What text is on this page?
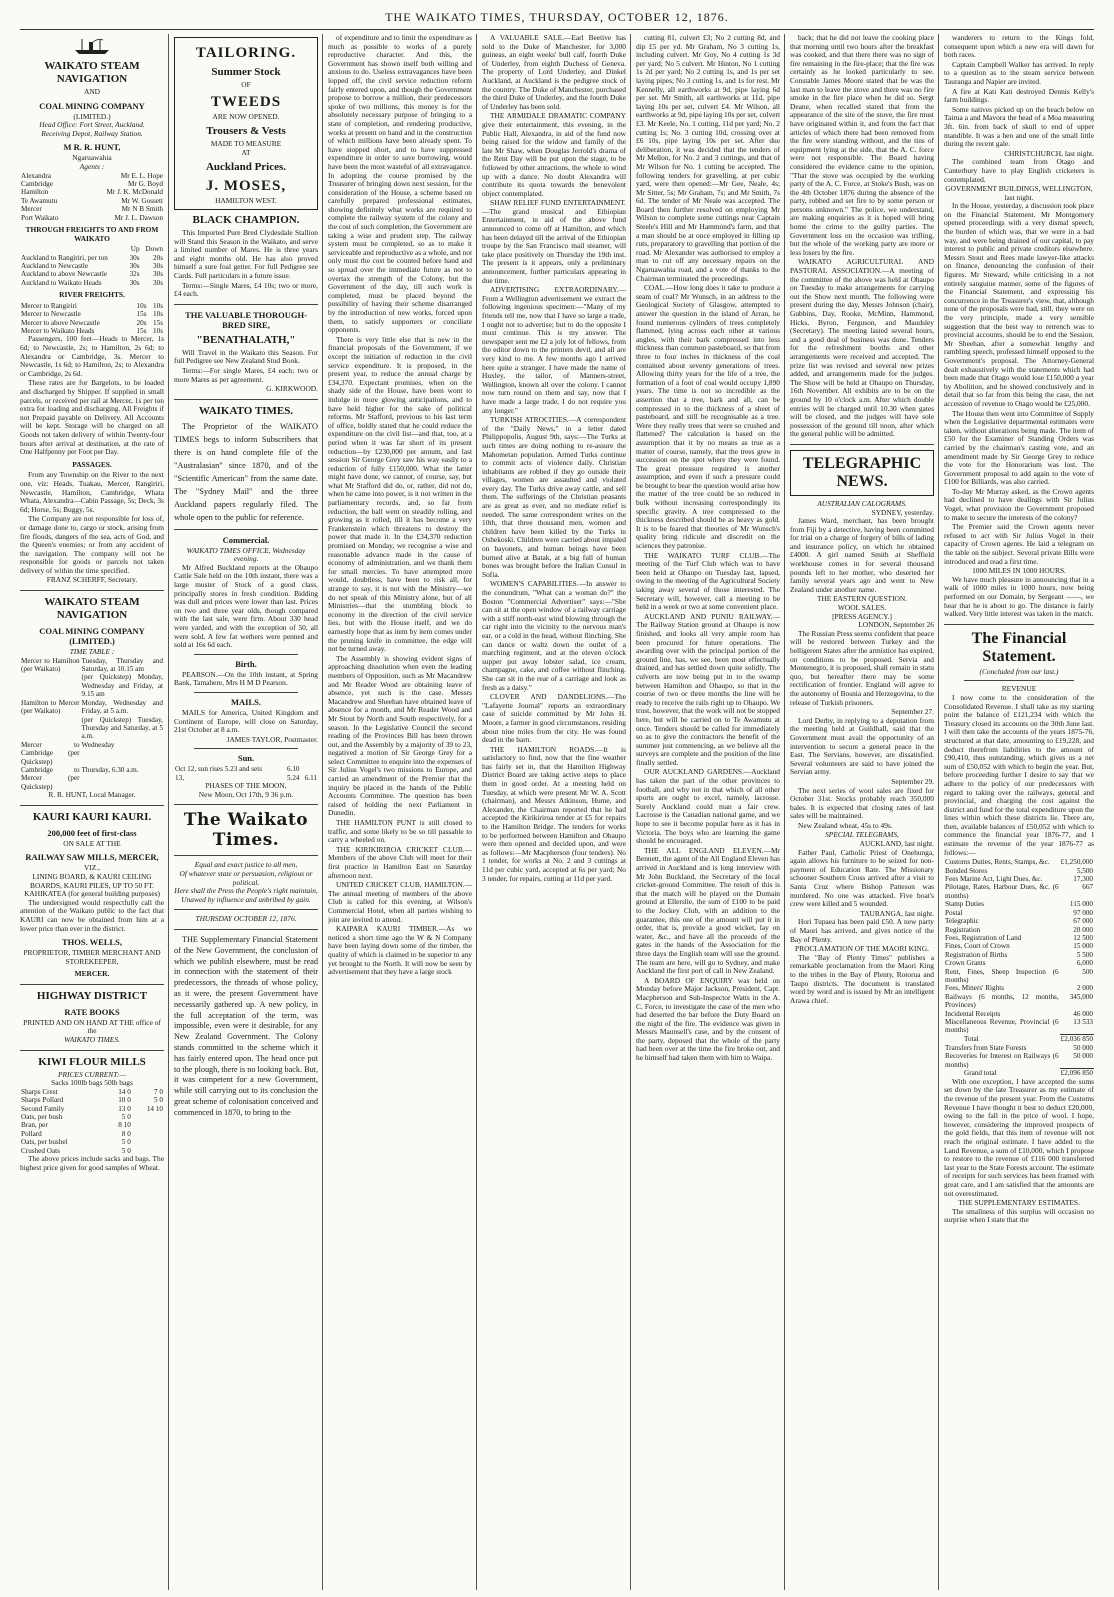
THE WAIKATO TIMES, THURSDAY, OCTOBER 12, 1876.
WAIKATO STEAM NAVIGATION
AND
COAL MINING COMPANY
(LIMITED.)
Head Office: Fort Street, Auckland.
Receiving Depot, Railway Station.
M R. R. HUNT,
Ngaruawahia
Agents :
Alexandra	Mr E. L. Hope
Cambridge	Mr G. Boyd
Hamilton	Mr J. K. McDonald
Te Awamutu	Mr W. Gossett
Mercer	Mr N B Smith
Port Waikato	Mr J. L. Dawson
THROUGH FREIGHTS TO AND FROM WAIKATO
	Up	Down
Auckland to Rangiriri, per ton	30s	20s
Auckland to Newcastle	30s	30s
Auckland to above Newcastle	32s	30s
Auckland to Waikato Heads	30s	30s
RIVER FREIGHTS.
Mercer to Rangiriri	10s	10s
Mercer to Newcastle	15s	10s
Mercer to above Newcastle	20s	15s
Mercer to Waikato Heads	15s	10s

Passengers, 100 feet—Heads to Mercer, 1s 6d; to Newcastle, 2s; to Hamilton, 2s 6d; to Alexandra or Cambridge, 3s. Mercer to Newcastle, 1s 6d; to Hamilton, 2s; to Alexandra or Cambridge, 2s 6d.

These rates are for Bargelots, to be loaded and discharged by Shipper. If supplied in small parcels, or received per rail at Mercer, 1s per ton extra for loading and discharging. All Freights if not Prepaid payable on Delivery. All Accounts will be kept. Storage will be charged on all Goods not taken delivery of within Twenty-four hours after arrival at destination, at the rate of One Halfpenny per Foot per Day.

PASSAGES.

From any Township on the River to the next one, viz: Heads, Tuakau, Mercer, Rangiriri, Newcastle, Hamilton, Cambridge, Whata Whata, Alexandra—Cabin Passage, 5s; Deck, 3s 6d; Horse, 5s; Buggy, 5s.

The Company are not responsible for loss of, or damage done to, cargo or stock, arising from fire floods, dangers of the sea, acts of God, and the Queen's enemies; or from any accident of the navigation. The company will not be responsible for goods or parcels not taken delivery of within the time specified.

FRANZ SCHERFF, Secretary.
WAIKATO STEAM NAVIGATION
COAL MINING COMPANY (LIMITED.)
TIME TABLE :
Mercer to Hamilton (per Waikato)	Tuesday, Thursday and Saturday, at 10.15 am
	(per Quickstep) Monday, Wednesday and Friday, at 9.15 am
Hamilton to Mercer (per Waikato)	Monday, Wednesday and Friday, at 5 a.m.
	(per Quickstep) Tuesday, Thursday and Saturday, at 5 a.m.
Mercer to Cambridge (per Quickstep)	Wednesday
Cambridge to Mercer (per Quickstep)	Thursday, 6.30 a.m.
R. R. HUNT, Local Manager.
KAURI KAURI KAURI.
200,000 feet of first-class
ON SALE AT THE
RAILWAY SAW MILLS, MERCER,
VIZ.,
LINING BOARD, & KAURI CEILING BOARDS, KAURI PILES, UP TO 50 FT. KAHIKATEA (for general building purposes)

The undersigned would respectfully call the attention of the Waikato public to the fact that KAURI can now be obtained from him at a lower price than ever in the district.

THOS. WELLS,
PROPRIETOR, TIMBER MERCHANT AND STOREKEEPER,
MERCER.
HIGHWAY DISTRICT
RATE BOOKS
PRINTED AND ON HAND AT THE office of the
WAIKATO TIMES.
KIWI FLOUR MILLS
PRICES CURRENT:—
Sacks 100lb bags 50lb bags
Sharps Crest	14 0	7 0
Sharps Pollard	10 0	5 0
Second Family	13 0	14 10
Oats, per bush	5 0	
Bran, per	8 10	
Pollard	8 0	
Oats, per bushel	5 0	
Crushed Oats	5 0	

The above prices include sacks and bags. The highest price given for good samples of Wheat.

TAILORING.
Summer Stock
OF
TWEEDS
ARE NOW OPENED.
Trousers & Vests
MADE TO MEASURE
AT
Auckland Prices.
J. MOSES,
HAMILTON WEST.
BLACK CHAMPION.

This Imported Pure Bred Clydesdale Stallion will Stand this Season in the Waikato, and serve a limited number of Mares. He is three years and eight months old. He has also proved himself a sure foal getter. For full Pedigree see Cards. Full particulars in a future issue.

Terms:—Single Mares, £4 10s; two or more, £4 each.

THE VALUABLE THOROUGH-BRED SIRE,
"BENATHALATH,"

Will Travel in the Waikato this Season. For full Pedigree see New Zealand Stud Book.

Terms:—For single Mares, £4 each; two or more Mares as per agreement.

G. KIRKWOOD.
WAIKATO TIMES.

The Proprietor of the WAIKATO TIMES begs to inform Subscribers that there is on hand complete file of the "Australasian" since 1870, and of the "Scientific American" from the same date. The "Sydney Mail" and the three Auckland papers regularly filed. The whole open to the public for reference.

Commercial.
WAIKATO TIMES OFFICE, Wednesday evening.

Mr Alfred Buckland reports at the Ohaupo Cattle Sale held on the 10th instant, there was a large muster of Stock of a good class, principally stores in fresh condition. Bidding was dull and prices were lower than last. Prices on two and three year olds, though compared with the last sale, were firm. About 330 head were yarded, and with the exception of 50, all were sold. A few fat wethers were penned and sold at 16s 6d each.

Birth.

PEARSON.—On the 10th instant, at Spring Bank, Tamahere, Mrs H M D Pearson.

MAILS.

MAILS for America, United Kingdom and Continent of Europe, will close on Saturday, 21st October at 8 a.m.

JAMES TAYLOR, Postmaster.
Sun.
Oct 12, sun rises 5.23 and sets	6.10	
13,	5.24	6.11
PHASES OF THE MOON,
New Moon, Oct 17th, 9 36 p.m.
The Waikato Times.
Equal and exact justice to all men,
Of whatever state or persuasion, religious or political.
Here shall the Press the People's right maintain,
Unawed by influence and unbribed by gain.
THURSDAY OCTOBER 12, 1876.

THE Supplementary Financial Statement of the New Government, the conclusion of which we publish elsewhere, must be read in connection with the statement of their predecessors, the threads of whose policy, as it were, the present Government have necessarily gathered up. A new policy, in the full acceptation of the term, was impossible, even were it desirable, for any New Zealand Government. The Colony stands committed to the scheme which it has fairly entered upon. The head once put to the plough, there is no looking back. But, it was competent for a new Government, while still carrying out to its conclusion the great scheme of colonisation conceived and commenced in 1870, to bring to the

of expenditure and to limit the expenditure as much as possible to works of a purely reproductive character. And this, the Government has shown itself both willing and anxious to do. Useless extravagances have been lopped off, the civil service reduction reform fairly entered upon, and though the Government propose to borrow a million, their predecessors spoke of two millions, this money is for the absolutely necessary purpose of bringing to a state of completion, and rendering productive, works at present on hand and in the construction of which millions have been already spent. To have stopped short, and to have suppressed expenditure in order to save borrowing, would have been the most wasteful of all extravagance. In adopting the course promised by the Treasurer of bringing down next session, for the consideration of the House, a scheme based on carefully prepared professional estimates, showing definitely what works are required to complete the railway system of the colony and the cost of such completion, the Government are taking a wise and prudent step. The railway system must be completed, so as to make it serviceable and reproductive as a whole, and not only must the cost be counted before hand and so spread over the immediate future as not to overtax the strength of the Colony, but the Government of the day, till such work is completed, must be placed beyond the possibility of having their scheme disarranged by the introduction of new works, forced upon them, to satisfy supporters or conciliate opponents.

There is very little else that is new in the financial proposals of the Government, if we except the initiation of reduction in the civil service expenditure. It is proposed, in the present year, to reduce the annual charge by £34,370. Expectant promises, when on the shady side of the House, have been wont to indulge in more glowing anticipations, and to have held higher for the sake of political reforms. Mr Stafford, previous to his last term of office, boldly stated that he could reduce the expenditure on the civil list—and that, too, at a period when it was far short of its present reduction—by £230,000 per annum, and last session Sir George Grey saw his way easily to a reduction of fully £150,000. What the latter might have done, we cannot, of course, say, but what Mr Stafford did do, or, rather, did not do, when he came into power, is it not written in the parliamentary records, and, so far from reduction, the ball went on steadily rolling, and growing as it rolled, till it has become a very Frankenstein which threatens to destroy the power that made it. In the £34,370 reduction promised on Monday, we recognise a wise and reasonable advance made in the cause of economy of administration, and we thank them for small mercies. To have attempted more would, doubtless, have been to risk all, for strange to say, it is not with the Ministry—we do not speak of this Ministry alone, but of all Ministries—that the stumbling block to economy in the direction of the civil service lies, but with the House itself, and we do earnestly hope that as item by item comes under the pruning knife in committee, the edge will not be turned away.

The Assembly is showing evident signs of approaching dissolution when even the leading members of Opposition, such as Mr Macandrew and Mr Reader Wood are obtaining leave of absence, yet such is the case. Messrs Macandrew and Sheehan have obtained leave of absence for a month, and Mr Reader Wood and Mr Stout by North and South respectively, for a season. In the Legislative Council the second reading of the Provinces Bill has been thrown out, and the Assembly by a majority of 39 to 23, negatived a motion of Sir George Grey for a select Committee to enquire into the expenses of Sir Julius Vogel's two missions to Europe, and carried an amendment of the Premier that the inquiry be placed in the hands of the Public Accounts Committee. The question has been raised of holding the next Parliament in Dunedin.

THE HAMILTON PUNT is still closed to traffic, and some likely to be so till passable to carry a wheeled on.

THE KIRIKIRIROA CRICKET CLUB.—Members of the above Club will meet for their first practice in Hamilton East on Saturday afternoon next.

UNITED CRICKET CLUB, HAMILTON.—The annual meeting of members of the above Club is called for this evening, at Wilson's Commercial Hotel, when all parties wishing to join are invited to attend.

KAIPARA KAURI TIMBER.—As we noticed a short time ago the W & N Company have been laying down some of the timber, the quality of which is claimed to be superior to any yet brought to the North. It will now be seen by advertisement that they have a large stock

A VALUABLE SALE.—Earl Beetive has sold to the Duke of Manchester, for 3,000 guineas, an eight weeks' bull calf, fourth Duke of Underley, from eighth Duchess of Geneva. The property of Lord Underley, and Dinkel Auckland, at Auckland is the pedigree stock of the country. The Duke of Manchester, purchased the third Duke of Underley, and the fourth Duke of Underley has been sold.

THE ARMIDALE DRAMATIC COMPANY give their entertainment, this evening, in the Public Hall, Alexandra, in aid of the fund now being raised for the widow and family of the late Mr Shaw, when Douglas Jerrold's drama of the Rent Day will be put upon the stage, to be followed by other attractions, the whole to wind up with a dance. No doubt Alexandra will contribute its quota towards the benevolent object contemplated.

SHAW RELIEF FUND ENTERTAINMENT.—The grand musical and Ethiopian Entertainment, in aid of the above fund announced to come off at Hamilton, and which has been delayed till the arrival of the Ethiopian troupe by the San Francisco mail steamer, will take place positively on Thursday the 19th inst. The present is it appears, only a preliminary announcement, further particulars appearing in due time.

ADVERTISING EXTRAORDINARY.—From a Wellington advertisement we extract the following ingenious specimen:—"Many of my friends tell me, now that I have so large a trade, I ought not to advertise; but to do the opposite I must continue. This is my answer. The newspaper sent me £2 a joly lot of fellows, from the editor down to the printers devil, and all are very kind to me. A few months ago I arrived here quite a stranger. I have made the name of Huxley, the tailor, of Manners-street, Wellington, known all over the colony. I cannot now turn round on them and say, now that I have made a large trade, I do not require you any longer."

TURKISH ATROCITIES.—A correspondent of the "Daily News," in a letter dated Philippopolis, August 9th, says:—The Turks at such times are doing nothing to re-assure the Mahometan population. Armed Turks continue to commit acts of violence daily. Christian inhabitants are robbed if they go outside their villages, women are assaulted and violated every day. The Turks drive away cattle, and sell them. The sufferings of the Christian peasants are as great as ever, and no mediate relief is needed. The same correspondent writes on the 10th, that three thousand men, women and children have been killed by the Turks in Oshekoski. Children were carried about impaled on bayonets, and human beings have been burned alive at Batak, at a big full of human bones was brought before the Italian Consul in Sofia.

WOMEN'S CAPABILITIES.—In answer to the conundrum, "What can a woman do?" the Boston "Commercial Advertiser" says:—"She can sit at the open window of a railway carriage with a stiff north-east wind blowing through the car right into the vicinity to the nervous man's ear, or a cold in the head, without flinching. She can dance or waltz down the outlet of a marching regiment, and at the eleven o'clock supper put away lobster salad, ice cream, champagne, cake, and coffee without flinching. She can sit in the rear of a carriage and look as fresh as a daisy."

CLOVER AND DANDELIONS.—The "Lafayette Journal" reports an extraordinary case of suicide committed by Mr John H. Moore, a farmer in good circumstances, residing about nine miles from the city. He was found dead in the barn.

THE HAMILTON ROADS.—It is satisfactory to find, now that the fine weather has fairly set in, that the Hamilton Highway District Board are taking active steps to place them in good order. At a meeting held on Tuesday, at which were present Mr W. A. Scott (chairman), and Messrs Atkinson, Hume, and Alexander, the Chairman reported that he had accepted the Kirikiriroa tender at £5 for repairs to the Hamilton Bridge. The tenders for works to be performed between Hamilton and Ohaupo were then opened and decided upon, and were as follows:—Mr Macpherson (four tenders). No 1 tender, for works at No. 2 and 3 cuttings at 11d per cubic yard, accepted at 6s per yard; No 3 tender, for repairs, cutting at 11d per yard.

cutting 81, culvert £3; No 2 cutting 8d, and dip £5 per yd. Mr Graham, No 3 cutting 1s, including culvert. Mr Guy, No 4 cutting 1s 3d per yard; No 5 culvert. Mr Hinton, No 1 cutting 1s 2d per yard; No 2 cutting 1s, and 1s per set laying pipes; No 3 cutting 1s, and 1s for rest. Mr Kennelly, all earthworks at 9d, pipe laying 6d per set. Mr Smith, all earthworks at 11d, pipe laying 10s per set, culvert £4. Mr Wilson, all earthworks at 9d, pipe laying 10s per set, culvert £3. Mr Keele, No. 1 cutting, 11d per yard; No. 2 cutting 1s; No. 3 cutting 10d, crossing over at £6 10s, pipe laying 10s per set. After due deliberation, it was decided that the tenders of Mr Mellon, for No. 2 and 3 cuttings, and that of Mr Wilson for No. 1 cutting be accepted. The following tenders for gravelling, at per cubic yard, were then opened:—Mr Gee, Neale, 4s; Mr Sitter, 5s; Mr Graham, 7s; and Mr Smith, 7s 6d. The tender of Mr Neale was accepted. The Board then further resolved on employing Mr Wilson to complete some cuttings near Captain Steele's Hill and Mr Hammond's farm, and that a man should be at once employed in filling up ruts, preparatory to gravelling that portion of the road. Mr Alexander was authorised to employ a man to cut off any necessary repairs on the Ngaruawahia road, and a vote of thanks to the Chairman terminated the proceedings.

COAL.—How long does it take to produce a seam of coal? Mr Wunsch, in an address to the Geological Society of Glasgow, attempted to answer the question in the island of Arran, he found numerous cylinders of trees completely flattened, lying across each other at various angles, with their bark compressed into less thickness than common pasteboard, so that from three to four inches in thickness of the coal contained about seventy generations of trees. Allowing thirty years for the life of a tree, the formation of a foot of coal would occupy 1,890 years. The time is not so incredible as the assertion that a tree, bark and all, can be compressed in to the thickness of a sheet of pasteboard, and still be recognisable as a tree. Were they really trees that were so crushed and flattened? The calculation is based on the assumption that it by no means as true as a matter of course, namely, that the trees grew in succession on the spot where they were found. The great pressure required is another assumption, and even if such a pressure could be brought to bear the question would arise how the matter of the tree could be so reduced in bulk without increasing correspondingly its specific gravity. A tree compressed to the thickness described should be as heavy as gold. It is to be feared that theories of Mr Wunsch's quality bring ridicule and discredit on the sciences they patronise.

THE WAIKATO TURF CLUB.—The meeting of the Turf Club which was to have been held at Ohaupo on Tuesday last, lapsed, owing to the meeting of the Agricultural Society taking away several of those interested. The Secretary will, however, call a meeting to be held in a week or two at some convenient place.

AUCKLAND AND PUNIU RAILWAY.—The Railway Station ground at Ohaupo is now finished, and looks all very ample room has been procured for future operations. The awarding over with the principal portion of the ground line, has, we see, been most effectually drained, and has settled down quite solidly. The culverts are now being put in to the swamp between Hamilton and Ohaupo, so that in the course of two or three months the line will be ready to receive the rails right up to Ohaupo. We trust, however, that the work will not be stopped here, but will be carried on to Te Awamutu at once. Tenders should be called for immediately so as to give the contractors the benefit of the summer just commencing, as we believe all the surveys are complete and the position of the line finally settled.

OUR AUCKLAND GARDENS.—Auckland has taken the part of the other provinces to football, and why not in that which of all other sports are ought to excel, namely, lacrosse. Surely Auckland could man a fair crew. Lacrosse is the Canadian national game, and we hope to see it become popular here as it has in Victoria. The boys who are learning the game should be encouraged.

THE ALL ENGLAND ELEVEN.—Mr Bennett, the agent of the All England Eleven has arrived in Auckland and is long interview with Mr John Buckland, the Secretary of the local cricket-ground Committee. The result of this is that the match will be played on the Domain ground at Ellerslie, the sum of £100 to be paid to the Jockey Club, with an addition to the guarantee, this one of the amount will put it in order, that is, provide a good wicket, lay on water, &c., and have all the proceeds of the gates in the hands of the Association for the three days the English team will use the ground. The team are here, will go to Sydney, and make Auckland the first port of call in New Zealand.

A BOARD OF ENQUIRY was held on Monday before Major Jackson, President, Capt. Macpherson and Sub-Inspector Watts in the A. C. Force, to investigate the case of the men who had deserted the bar before the Duty Board on the night of the fire. The evidence was given in Messrs Maunsell's case, and by the consent of the party, deposed that the whole of the party had been over at the time the fire broke out, and he himself had taken them with him to Waipa.

back; that he did not leave the cooking place that morning until two hours after the breakfast was cooked, and that there there was no sign of fire remaining in the fire-place; that the fire was certainly as he looked particularly to see. Constable James Moore stated that he was the last man to leave the stove and there was no fire smoke in the fire place when he did so. Sergt Deane, when recalled stated that from the appearance of the site of the stove, the fire must have originated within it, and from the fact that articles of which there had been removed from the fire were standing without, and the tins of equipment lying at the side, that the A. C. force were not responsible. The Board having considered the evidence came to the opinion, "That the stove was occupied by the working party of the A. C. Force, at Stoke's Bush, was on the 4th October 1876 during the absence of the party, robbed and set fire to by some person or persons unknown." The police, we understand, are making enquiries as it is hoped will bring home the crime to the guilty parties. The Government loss on the occasion was trifling, but the whole of the working party are more or less losers by the fire.

WAIKATO AGRICULTURAL AND PASTORAL ASSOCIATION.—A meeting of the committee of the above was held at Ohaupo on Tuesday to make arrangements for carrying out the Show next month. The following were present during the day, Messrs Johnson (chair), Gubbins, Day, Rooke, McMinn, Hammond, Hicks, Byron, Ferguson, and Maudsley (Secretary). The meeting lasted several hours, and a good deal of business was done. Tenders for the refreshment booths and other arrangements were received and accepted. The prize list was revised and several new prizes added, and arrangements made for the judges. The Show will be held at Ohaupo on Thursday, 16th November. All exhibits are to be on the ground by 10 o'clock a.m. After which double entries will be charged until 10.30 when gates will be closed, and the judges will have sole possession of the ground till noon, after which the general public will be admitted.

TELEGRAPHIC NEWS.
AUSTRALIAN CALOGRAMS.
SYDNEY, yesterday.

James Ward, merchant, has been brought from Fiji by a detective, having been committed for trial on a charge of forgery of bills of lading and insurance policy, on which he obtained £4000. A girl named Smith at Sheffield workhouse comes in for several thousand pounds left to her mother, who deserted her family several years ago and went to New Zealand under another name.

THE EASTERN QUESTION.
WOOL SALES.
[PRESS AGENCY.]
LONDON, September 26

The Russian Press seems confident that peace will be restored between Turkey and the belligerent States after the armistice has expired, on conditions to be proposed. Servia and Montenegro, it is proposed, shall remain in statu quo, but hereafter there may be some rectification of frontier. England will agree to the autonomy of Bosnia and Herzegovina, to the release of Turkish prisoners.

September 27.

Lord Derby, in replying to a deputation from the meeting held at Guildhall, said that the Government must avail the opportunity of an intervention to secure a general peace in the East. The Servians, however, are dissatisfied. Several volunteers are said to have joined the Servian army.

September 29.

The next series of wool sales are fixed for October 31st. Stocks probably reach 350,000 bales. It is expected that closing rates of last sales will be maintained.

New Zealand wheat, 45s to 49s.

SPECIAL TELEGRAMS,
AUCKLAND, last night.

Father Paul, Catholic Priest of Onehunga, again allows his furniture to be seized for non-payment of Education Rate. The Missionary schooner Southern Cross arrived after a visit to Santa Cruz where Bishop Patteson was murdered. No one was attacked. Five boat's crew were killed and 5 wounded.

TAURANGA, last night.

Hori Tupaea has been paid £50. A new party of Maori has arrived, and gives notice of the Bay of Plenty.

PROCLAMATION OF THE MAORI KING.

The "Bay of Plenty Times" publishes a remarkable proclamation from the Maori King to the tribes in the Bay of Plenty, Rotorua and Taupo districts. The document is translated word by word and is issued by Mr an intelligent Arawa chief.

wanderers to return to the Kings fold, consequent upon which a new era will dawn for both races.

Captain Campbell Walker has arrived. In reply to a question as to the steam service between Tauranga and Napier are invited.

A fire at Kati Kati destroyed Dennis Kelly's farm buildings.

Some natives picked up on the beach below on Tairua a and Mavora the head of a Moa measuring 3ft. 6in. from back of skull to end of upper mandible. It was a hen and one of the small little during the recent gale.

CHRISTCHURCH, last night.

The combined team from Otago and Canterbury have to play English cricketers is contemplated.

GOVERNMENT BUILDINGS, WELLINGTON, last night.

In the House, yesterday, a discussion took place on the Financial Statement. Mr Montgomery opened proceedings with a very dismal speech, the burden of which was, that we were in a bad way, and were being drained of our capital, to pay interest to public and private creditors elsewhere. Messrs Stout and Rees made lawyer-like attacks on finance, denouncing the confusion of their figures. Mr Steward, while criticising in a not entirely sanguine manner, some of the figures of the Financial Statement, and expressing his concurrence in the Treasurer's view, that, although none of the proposals were bad, still, they were on the very principle, made a very sensible suggestion that the best way to retrench was to provincial accounts, should be to end the Session. Mr Sheehan, after a somewhat lengthy and rambling speech, professed himself opposed to the Government's proposal. The Attorney-General dealt exhaustively with the statements which had been made that Otago would lose £150,000 a year by Abolition, and he showed conclusively and in detail that so far from this being the case, the net accession of revenue to Otago would be £25,000.

The House then went into Committee of Supply when the Legislative departmental estimates were taken, without alterations being made. The item of £50 for the Examiner of Standing Orders was carried by the chairman's casting vote, and an amendment made by Sir George Grey to reduce the vote for the Honorarium was lost. The Government proposal to add again to the vote of £100 for Billiards, was also carried.

To-day Mr Murray asked, as the Crown agents had declined to have dealings with Sir Julius Vogel, what provision the Government proposed to make to secure the interests of the colony?

The Premier said the Crown agents never refused to act with Sir Julius Vogel in their capacity of Crown agents. He laid a telegram on the table on the subject. Several private Bills were introduced and read a first time.

1000 MILES IN 1000 HOURS.

We have much pleasure in announcing that in a walk of 1000 miles in 1000 hours, now being performed on our Domain, by Sergeant ——, we hear that he is about to go. The distance is fairly walked. Very little interest was taken in the match.

The Financial Statement.
(Concluded from our last.)
REVENUE

I now come to the consideration of the Consolidated Revenue. I shall take as my starting point the balance of £121,234 with which the Treasury closed its accounts on the 30th June last. I will then take the accounts of the years 1875-76, structured at that date, amounting to £19,228, and deduct therefrom liabilities to the amount of £90,410, thus outstanding, which gives us a net sum of £50,052 with which to begin the year. But, before proceeding further I desire to say that we adhere to the policy of our predecessors with regard to taking over the railways, general and provincial, and charging the cost against the district and fund for the total expenditure upon the lines within which these districts lie. There are, then, available balances of £50,052 with which to commence the financial year 1876-77, and I estimate the revenue of the year 1876-77 as follows:—

Customs Duties, Rents, Stamps, &c.	£1,250,000
Bonded Stores	5,500
Fees Marine Act, Light Dues, &c.	17,300
Pilotage, Rates, Harbour Dues, &c. (6 months)	667
Stamp Duties	115 000
Postal	97 000
Telegraphic	67 000
Registration	28 000
Fees, Registration of Land	12 500
Fines, Court of Crown	15 000
Registration of Births	5 500
Crown Grants	6,000
Rent, Fines, Sheep Inspection (6 months)	500
Fees, Miners' Rights	2 000
Railways (6 months, 12 months, Provinces)	345,000
Incidental Receipts	46 000
Miscellaneous Revenue, Provincial (6 months)	13 533
Total	£2,036 850
Transfers from State Forests	50 000
Recoveries for Interest on Railways (6 months)	50 000
Grand total	£2,096 850

With one exception, I have accepted the sums set down by the late Treasurer as my estimate of the revenue of the present year. From the Customs Revenue I have thought it best to deduct £20,000, owing to the fall in the price of wool. I hope, however, considering the improved prospects of the gold fields, that this item of revenue will not reach the original estimate. I have added to the Land Revenue, a sum of £10,000, which I propose to restore to the revenue of £116 000 transferred last year to the State Forests account. The estimate of receipts for such services has been framed with great care, and I am satisfied that the amounts are not overestimated.

THE SUPPLEMENTARY ESTIMATES.

The smallness of this surplus will occasion no surprise when I state that the
